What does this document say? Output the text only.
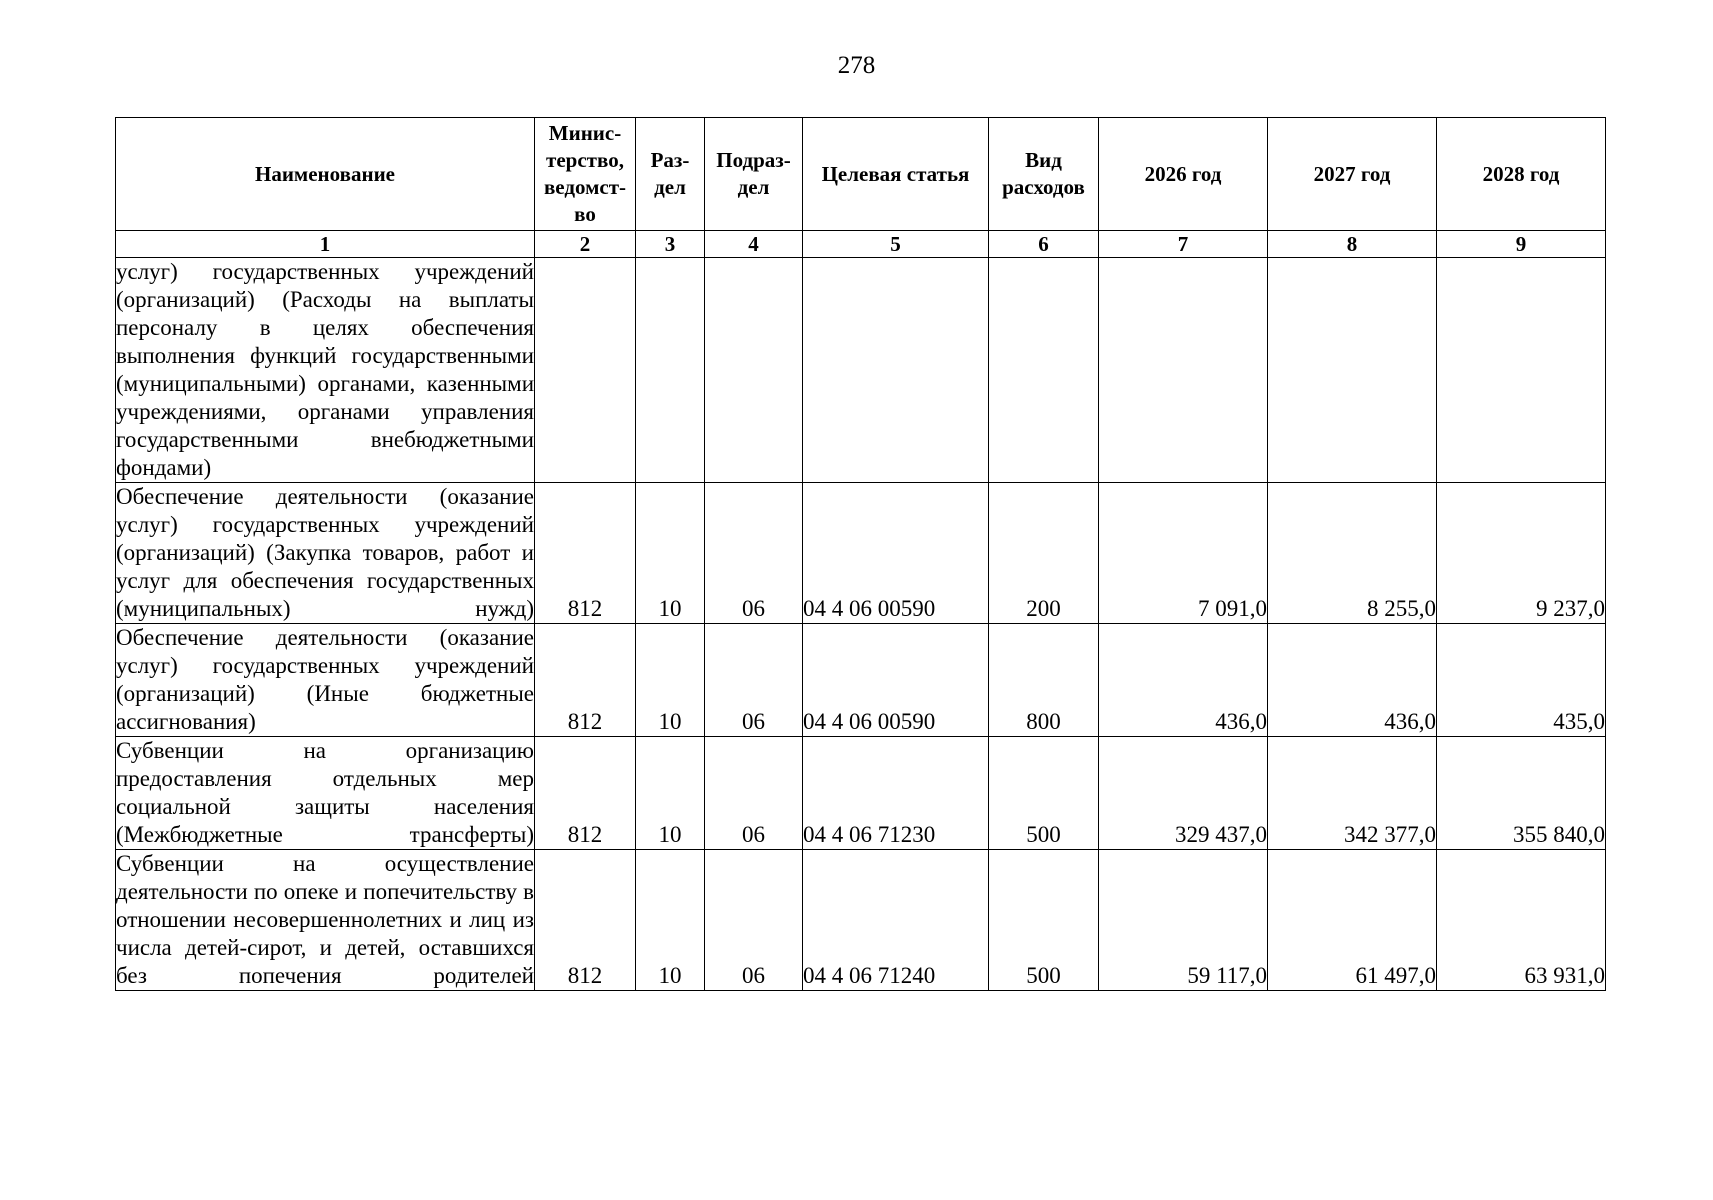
278
Наименование	Минис-терство, ведомст-во	Раз-дел	Подраз-дел	Целевая статья	Вид расходов	2026 год	2027 год	2028 год
1	2	3	4	5	6	7	8	9
услуг) государственных учреждений (организаций) (Расходы на выплаты персоналу в целях обеспечения выполнения функций государственными (муниципальными) органами, казенными учреждениями, органами управления государственными внебюджетными фондами)								
Обеспечение деятельности (оказание услуг) государственных учреждений (организаций) (Закупка товаров, работ и услуг для обеспечения государственных (муниципальных) нужд)	812	10	06	04 4 06 00590	200	7 091,0	8 255,0	9 237,0
Обеспечение деятельности (оказание услуг) государственных учреждений (организаций) (Иные бюджетные ассигнования)	812	10	06	04 4 06 00590	800	436,0	436,0	435,0
Субвенции на организацию предоставления отдельных мер социальной защиты населения (Межбюджетные трансферты)	812	10	06	04 4 06 71230	500	329 437,0	342 377,0	355 840,0
Субвенции на осуществление деятельности по опеке и попечительству в отношении несовершеннолетних и лиц из числа детей-сирот, и детей, оставшихся без попечения родителей	812	10	06	04 4 06 71240	500	59 117,0	61 497,0	63 931,0
